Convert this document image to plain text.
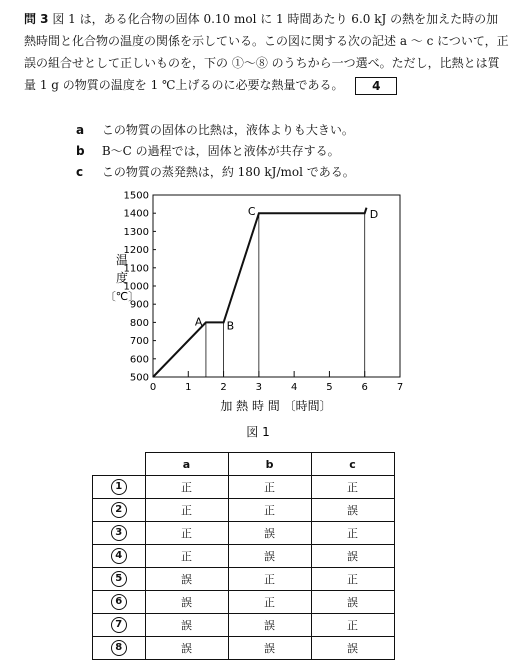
問 3 図 1 は，ある化合物の固体 0.10 mol に 1 時間あたり 6.0 kJ の熱を加えた時の加熱時間と化合物の温度の関係を示している。この図に関する次の記述 a ～ c について，正誤の組合せとして正しいものを，下の ①～⑧ のうちから一つ選べ。ただし，比熱とは質量 1 g の物質の温度を 1 ℃上げるのに必要な熱量である。 4
a この物質の固体の比熱は，液体よりも大きい。
b B～C の過程では，固体と液体が共存する。
c この物質の蒸発熱は，約 180 kJ/mol である。
500
600
700
800
900
1000
1100
1200
1300
1400
1500
0	1	2	3	4	5	6	7
A B
C	D
温
度
〔℃〕
加 熱 時 間 〔時間〕
図 1
	a	b	c
1	正	正	正
2	正	正	誤
3	正	誤	正
4	正	誤	誤
5	誤	正	正
6	誤	正	誤
7	誤	誤	正
8	誤	誤	誤
